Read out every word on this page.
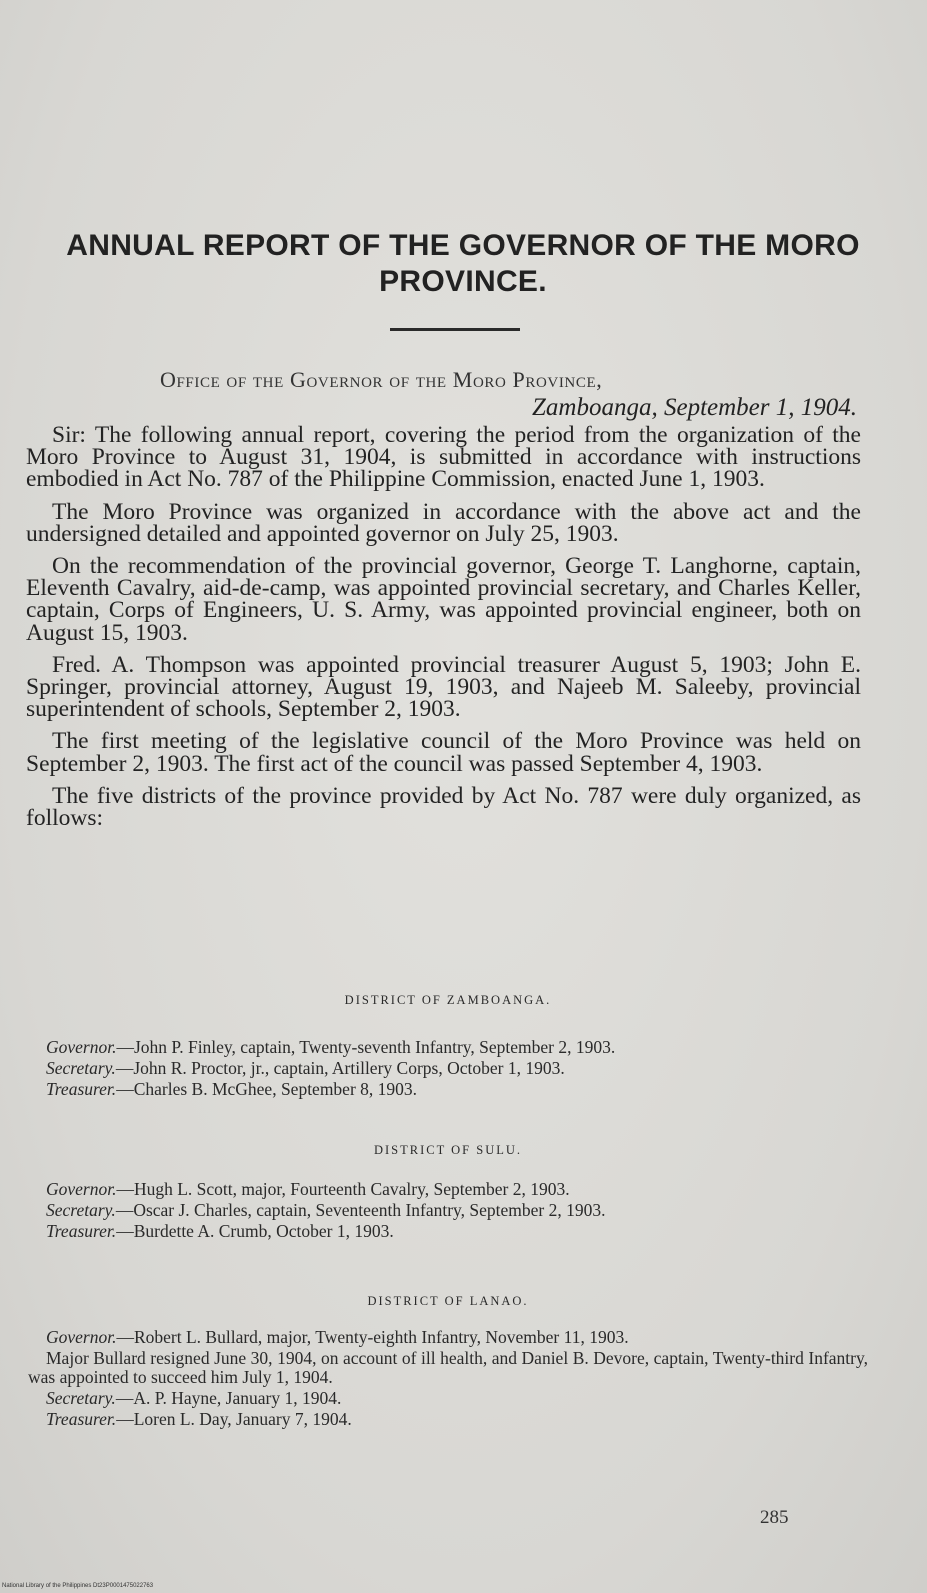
ANNUAL REPORT OF THE GOVERNOR OF THE MORO PROVINCE.
Office of the Governor of the Moro Province,
Zamboanga, September 1, 1904.

Sir: The following annual report, covering the period from the organization of the Moro Province to August 31, 1904, is submitted in accordance with instructions embodied in Act No. 787 of the Philippine Commission, enacted June 1, 1903.

The Moro Province was organized in accordance with the above act and the undersigned detailed and appointed governor on July 25, 1903.

On the recommendation of the provincial governor, George T. Langhorne, captain, Eleventh Cavalry, aid-de-camp, was appointed provincial secretary, and Charles Keller, captain, Corps of Engineers, U. S. Army, was appointed provincial engineer, both on August 15, 1903.

Fred. A. Thompson was appointed provincial treasurer August 5, 1903; John E. Springer, provincial attorney, August 19, 1903, and Najeeb M. Saleeby, provincial superintendent of schools, September 2, 1903.

The first meeting of the legislative council of the Moro Province was held on September 2, 1903. The first act of the council was passed September 4, 1903.

The five districts of the province provided by Act No. 787 were duly organized, as follows:

DISTRICT OF ZAMBOANGA.

Governor.—John P. Finley, captain, Twenty-seventh Infantry, September 2, 1903.

Secretary.—John R. Proctor, jr., captain, Artillery Corps, October 1, 1903.

Treasurer.—Charles B. McGhee, September 8, 1903.

DISTRICT OF SULU.

Governor.—Hugh L. Scott, major, Fourteenth Cavalry, September 2, 1903.

Secretary.—Oscar J. Charles, captain, Seventeenth Infantry, September 2, 1903.

Treasurer.—Burdette A. Crumb, October 1, 1903.

DISTRICT OF LANAO.

Governor.—Robert L. Bullard, major, Twenty-eighth Infantry, November 11, 1903.

Major Bullard resigned June 30, 1904, on account of ill health, and Daniel B. Devore, captain, Twenty-third Infantry, was appointed to succeed him July 1, 1904.

Secretary.—A. P. Hayne, January 1, 1904.

Treasurer.—Loren L. Day, January 7, 1904.

285
National Library of the Philippines Dt23P0001475022763
